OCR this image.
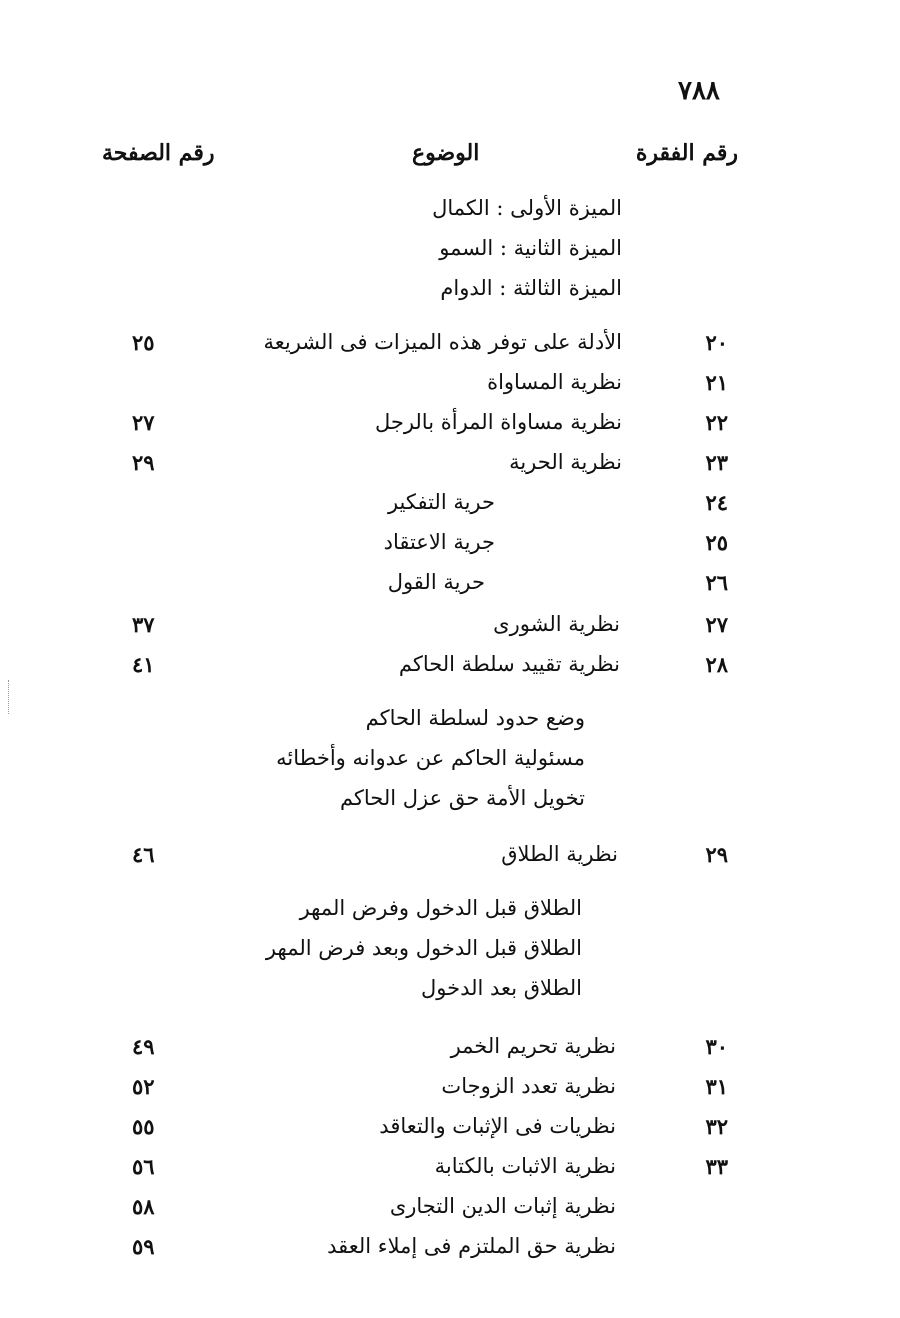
٧٨٨
رقم الفقرة
الوضوع
رقم الصفحة
الميزة الأولى : الكمال
الميزة الثانية : السمو
الميزة الثالثة : الدوام
٢٠
الأدلة على توفر هذه الميزات فى الشريعة
٢٥
٢١
نظرية المساواة
٢٢
نظرية مساواة المرأة بالرجل
٢٧
٢٣
نظرية الحرية
٢٩
٢٤
حرية التفكير
٢٥
جرية الاعتقاد
٢٦
حرية القول
٢٧
نظرية الشورى
٣٧
٢٨
نظرية تقييد سلطة الحاكم
٤١
وضع حدود لسلطة الحاكم
مسئولية الحاكم عن عدوانه وأخطائه
تخويل الأمة حق عزل الحاكم
٢٩
نظرية الطلاق
٤٦
الطلاق قبل الدخول وفرض المهر
الطلاق قبل الدخول وبعد فرض المهر
الطلاق بعد الدخول
٣٠
نظرية تحريم الخمر
٤٩
٣١
نظرية تعدد الزوجات
٥٢
٣٢
نظريات فى الإثبات والتعاقد
٥٥
٣٣
نظرية الاثبات بالكتابة
٥٦
نظرية إثبات الدين التجارى
٥٨
نظرية حق الملتزم فى إملاء العقد
٥٩
